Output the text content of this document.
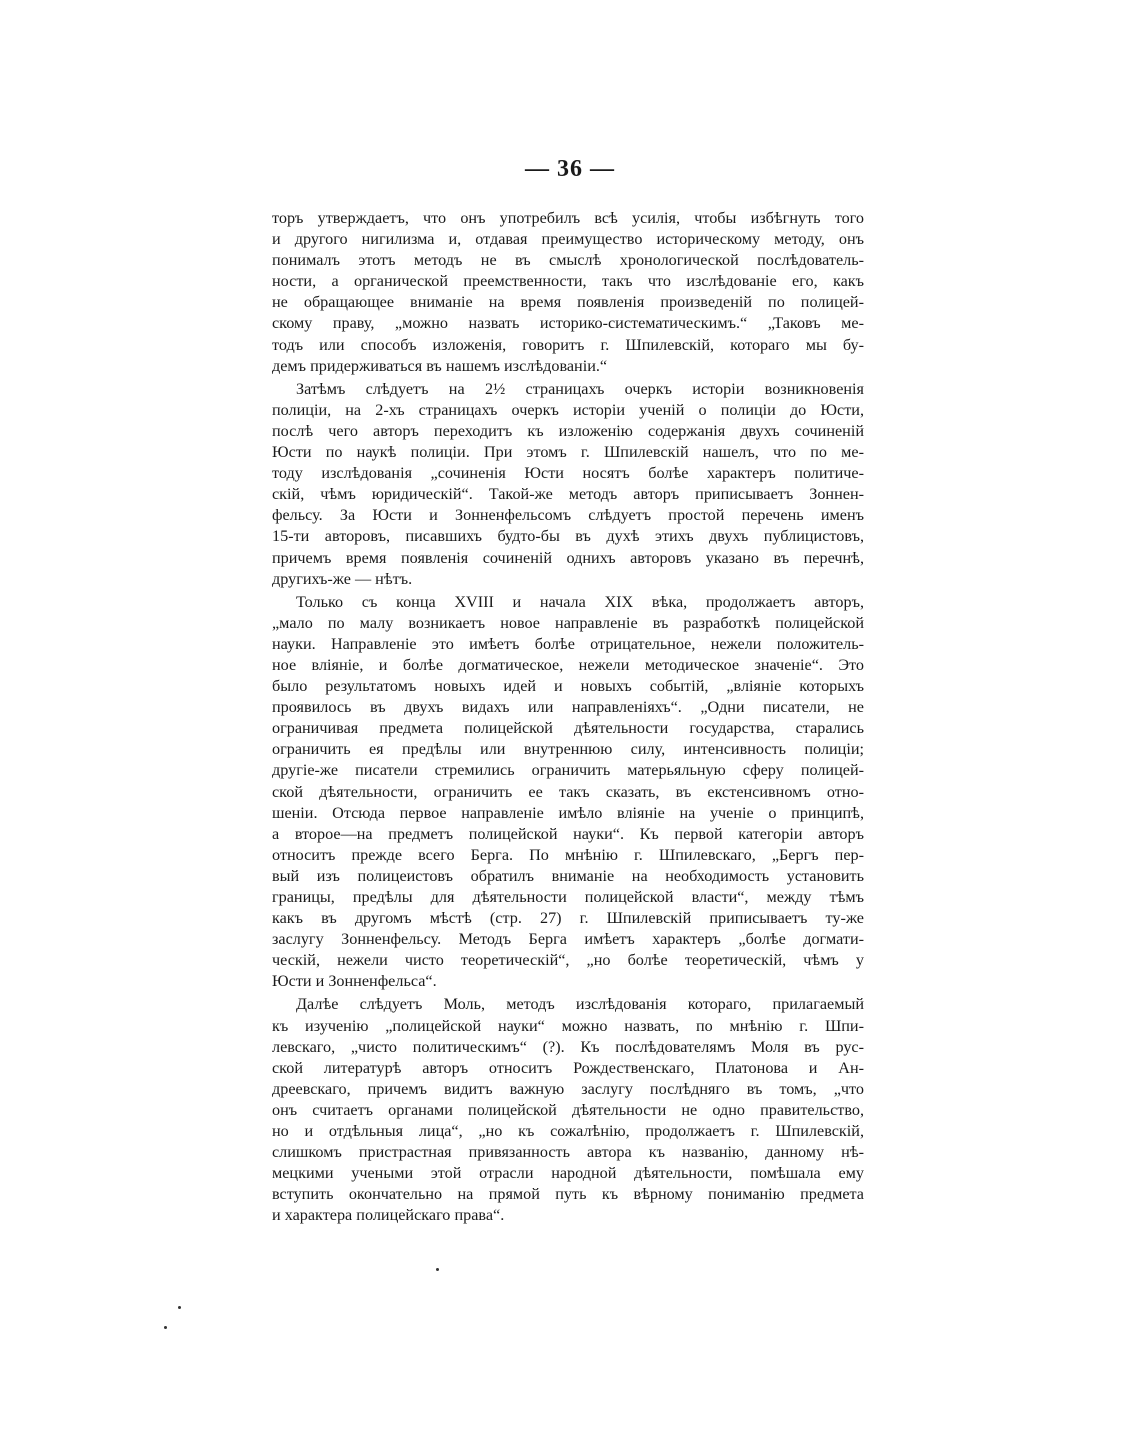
— 36 —
торъ утверждаетъ, что онъ употребилъ всѣ усилія, чтобы избѣгнуть того
и другого нигилизма и, отдавая преимущество историческому методу, онъ
понималъ этотъ методъ не въ смыслѣ хронологической послѣдователь-
ности, а органической преемственности, такъ что изслѣдованіе его, какъ
не обращающее вниманіе на время появленія произведеній по полицей-
скому праву, „можно назвать историко-систематическимъ.“ „Таковъ ме-
тодъ или способъ изложенія, говоритъ г. Шпилевскій, котораго мы бу-
демъ придерживаться въ нашемъ изслѣдованіи.“
Затѣмъ слѣдуетъ на 2½ страницахъ очеркъ исторіи возникновенія
полиціи, на 2-хъ страницахъ очеркъ исторіи ученій о полиціи до Юсти,
послѣ чего авторъ переходитъ къ изложенію содержанія двухъ сочиненій
Юсти по наукѣ полиціи. При этомъ г. Шпилевскій нашелъ, что по ме-
тоду изслѣдованія „сочиненія Юсти носятъ болѣе характеръ политиче-
скій, чѣмъ юридическій“. Такой-же методъ авторъ приписываетъ Зоннен-
фельсу. За Юсти и Зонненфельсомъ слѣдуетъ простой перечень именъ
15-ти авторовъ, писавшихъ будто-бы въ духѣ этихъ двухъ публицистовъ,
причемъ время появленія сочиненій однихъ авторовъ указано въ перечнѣ,
другихъ-же — нѣтъ.
Только съ конца XVIII и начала XIX вѣка, продолжаетъ авторъ,
„мало по малу возникаетъ новое направленіе въ разработкѣ полицейской
науки. Направленіе это имѣетъ болѣе отрицательное, нежели положитель-
ное вліяніе, и болѣе догматическое, нежели методическое значеніе“. Это
было результатомъ новыхъ идей и новыхъ событій, „вліяніе которыхъ
проявилось въ двухъ видахъ или направленіяхъ“. „Одни писатели, не
ограничивая предмета полицейской дѣятельности государства, старались
ограничить ея предѣлы или внутреннюю силу, интенсивность полиціи;
другіе-же писатели стремились ограничить матерьяльную сферу полицей-
ской дѣятельности, ограничить ее такъ сказать, въ екстенсивномъ отно-
шеніи. Отсюда первое направленіе имѣло вліяніе на ученіе о принципѣ,
а второе—на предметъ полицейской науки“. Къ первой категоріи авторъ
относитъ прежде всего Берга. По мнѣнію г. Шпилевскаго, „Бергъ пер-
вый изъ полицеистовъ обратилъ вниманіе на необходимость установить
границы, предѣлы для дѣятельности полицейской власти“, между тѣмъ
какъ въ другомъ мѣстѣ (стр. 27) г. Шпилевскій приписываетъ ту-же
заслугу Зонненфельсу. Методъ Берга имѣетъ характеръ „болѣе догмати-
ческій, нежели чисто теоретическій“, „но болѣе теоретическій, чѣмъ у
Юсти и Зонненфельса“.
Далѣе слѣдуетъ Моль, методъ изслѣдованія котораго, прилагаемый
къ изученію „полицейской науки“ можно назвать, по мнѣнію г. Шпи-
левскаго, „чисто политическимъ“ (?). Къ послѣдователямъ Моля въ рус-
ской литературѣ авторъ относитъ Рождественскаго, Платонова и Ан-
дреевскаго, причемъ видитъ важную заслугу послѣдняго въ томъ, „что
онъ считаетъ органами полицейской дѣятельности не одно правительство,
но и отдѣльныя лица“, „но къ сожалѣнію, продолжаетъ г. Шпилевскій,
слишкомъ пристрастная привязанность автора къ названію, данному нѣ-
мецкими учеными этой отрасли народной дѣятельности, помѣшала ему
вступить окончательно на прямой путь къ вѣрному пониманію предмета
и характера полицейскаго права“.
